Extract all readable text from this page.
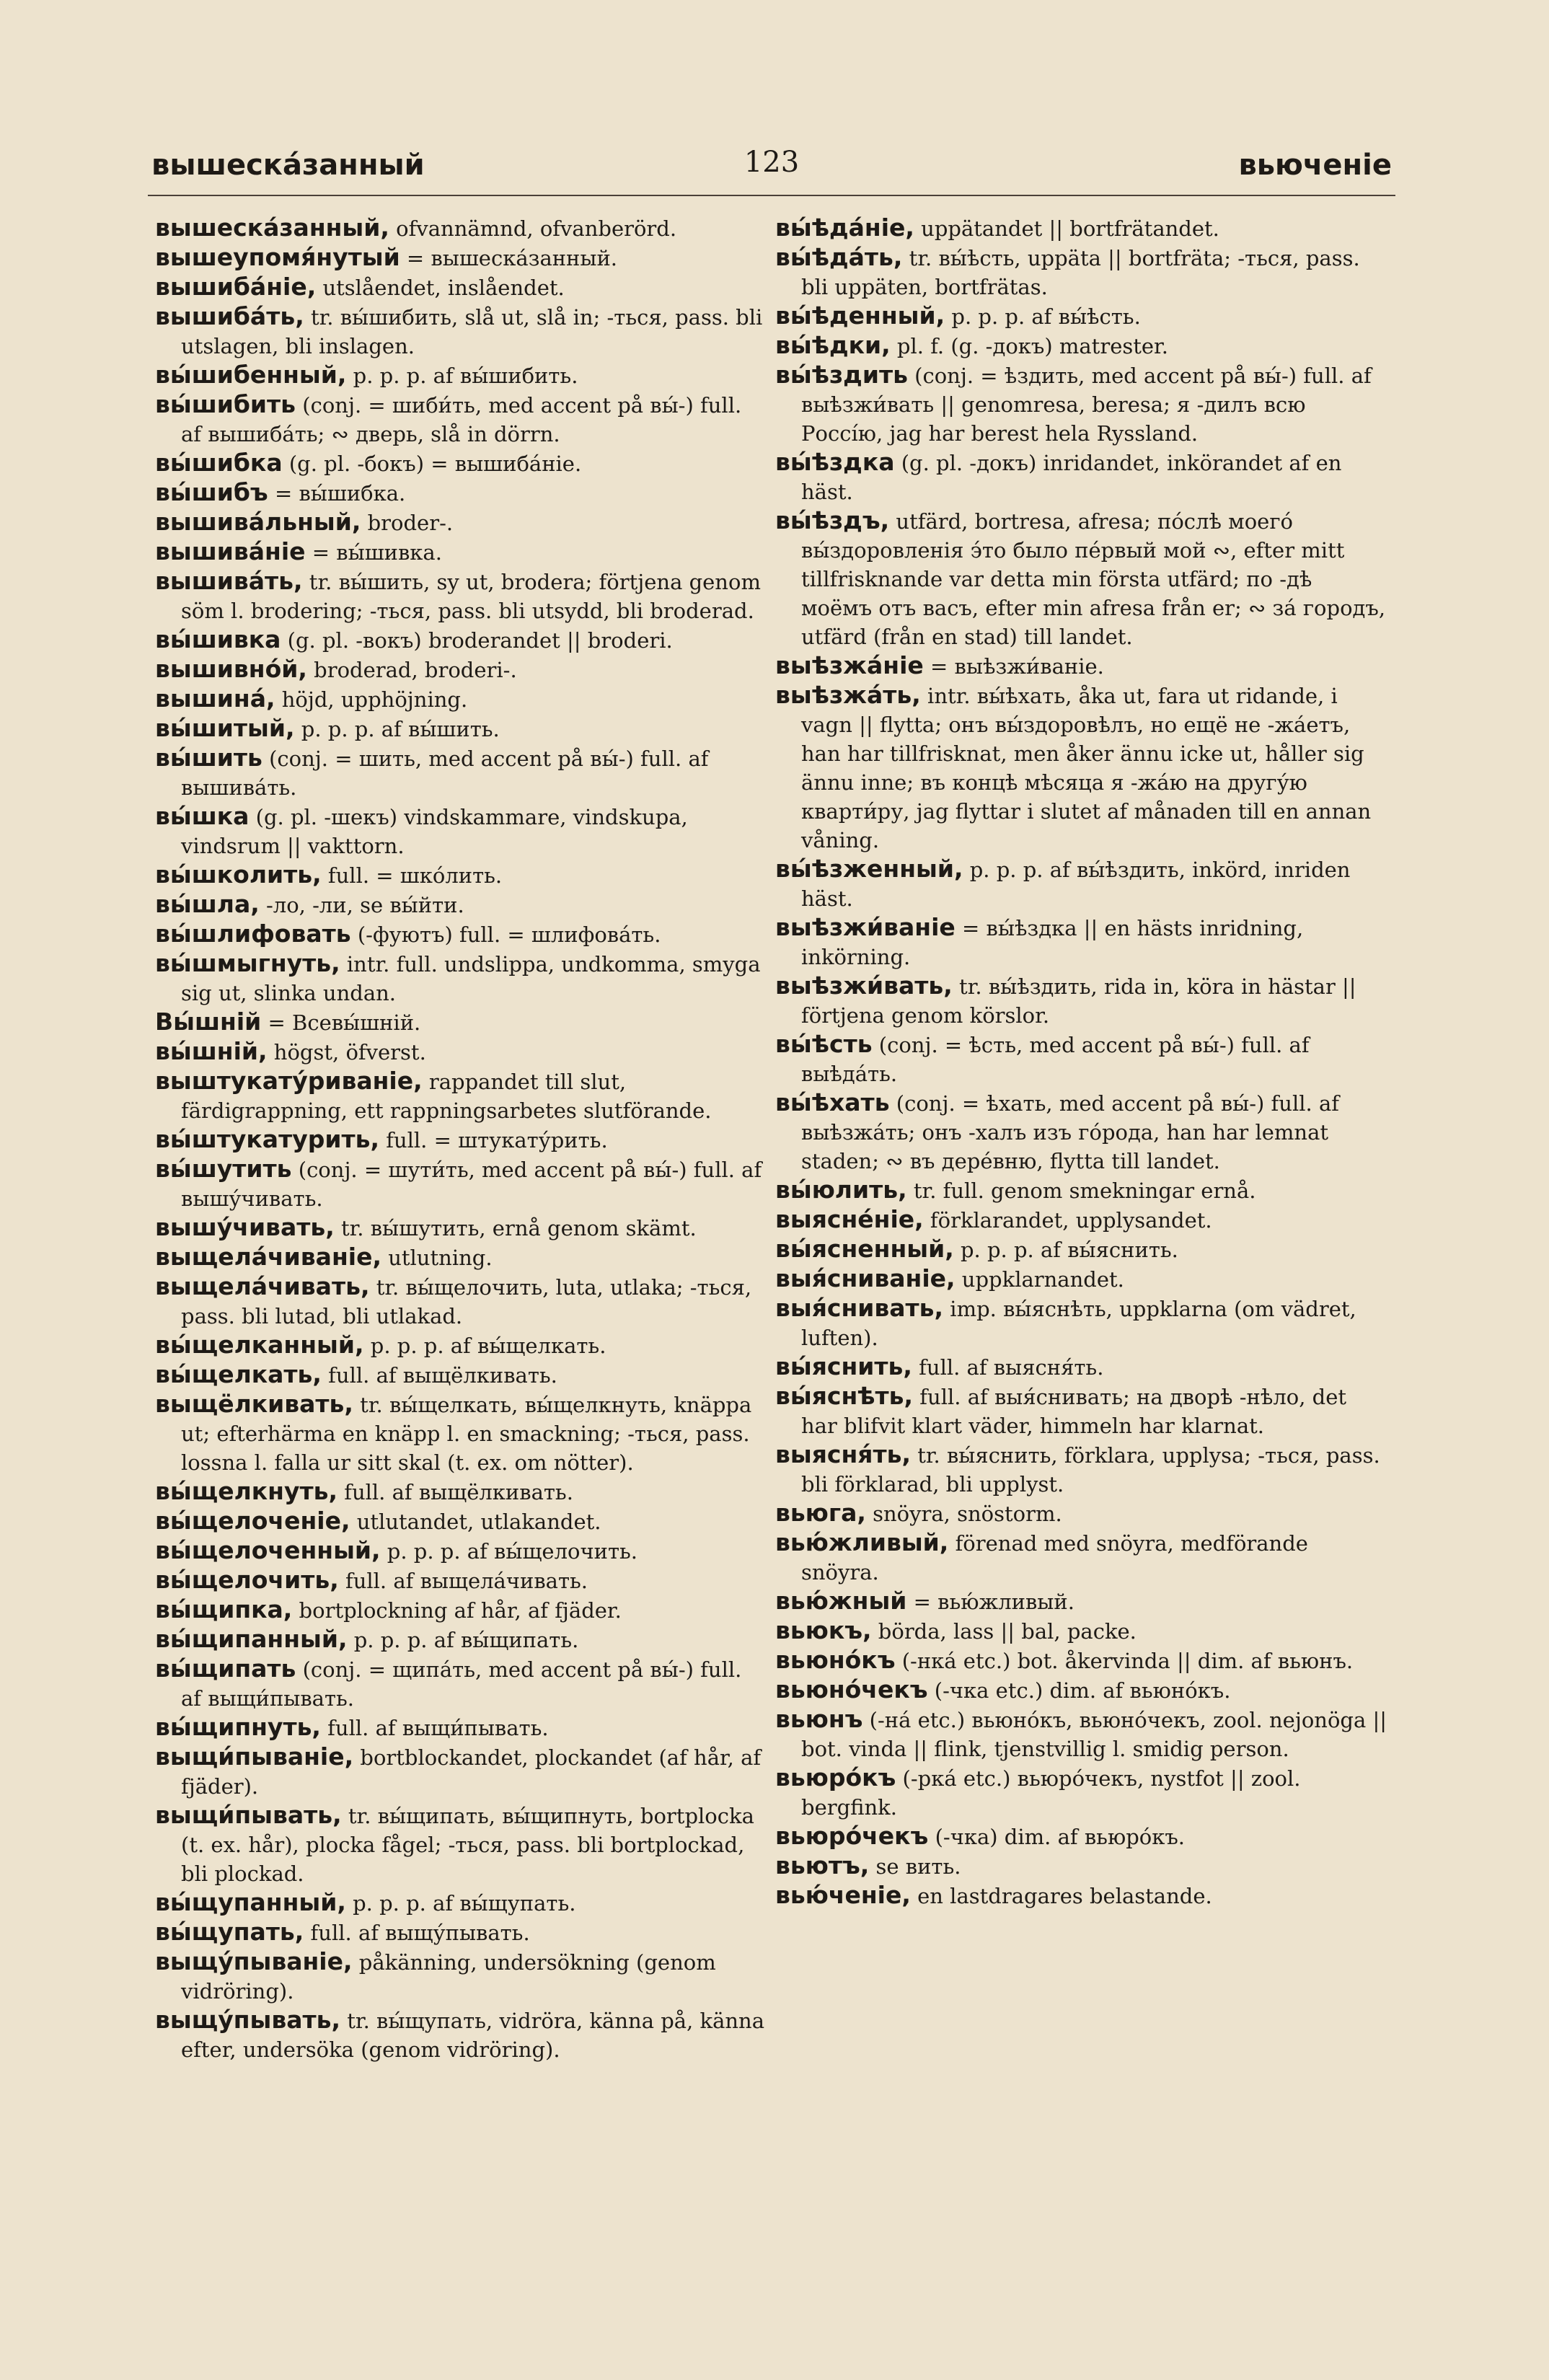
вышеска́занный	123	вьюченіе

вышеска́занный, ofvannämnd, ofvanberörd.

вышеупомя́нутый = вышеска́занный.

вышиба́ніе, utslåendet, inslåendet.

вышиба́ть, tr. вы́шибить, slå ut, slå in; -ться, pass. bli utslagen, bli inslagen.

вы́шибенный, p. p. p. af вы́шибить.

вы́шибить (conj. = шиби́ть, med accent på вы́-) full. af вышиба́ть; ∾ дверь, slå in dörrn.

вы́шибка (g. pl. -бокъ) = вышиба́ніе.

вы́шибъ = вы́шибка.

вышива́льный, broder-.

вышива́ніе = вы́шивка.

вышива́ть, tr. вы́шить, sy ut, brodera; förtjena genom söm l. brodering; -ться, pass. bli utsydd, bli broderad.

вы́шивка (g. pl. -вокъ) broderandet || broderi.

вышивно́й, broderad, broderi-.

вышина́, höjd, upphöjning.

вы́шитый, p. p. p. af вы́шить.

вы́шить (conj. = шить, med accent på вы́-) full. af вышива́ть.

вы́шка (g. pl. -шекъ) vindskammare, vindskupa, vindsrum || vakttorn.

вы́школить, full. = шко́лить.

вы́шла, -ло, -ли, se вы́йти.

вы́шлифовать (-фуютъ) full. = шлифова́ть.

вы́шмыгнуть, intr. full. undslippa, undkomma, smyga sig ut, slinka undan.

Вы́шній = Всевы́шній.

вы́шній, högst, öfverst.

выштукату́риваніе, rappandet till slut, färdigrappning, ett rappningsarbetes slutförande.

вы́штукатурить, full. = штукату́рить.

вы́шутить (conj. = шути́ть, med accent på вы́-) full. af вышу́чивать.

вышу́чивать, tr. вы́шутить, ernå genom skämt.

выщела́чиваніе, utlutning.

выщела́чивать, tr. вы́щелочить, luta, utlaka; -ться, pass. bli lutad, bli utlakad.

вы́щелканный, p. p. p. af вы́щелкать.

вы́щелкать, full. af выщёлкивать.

выщёлкивать, tr. вы́щелкать, вы́щелкнуть, knäppa ut; efterhärma en knäpp l. en smackning; -ться, pass. lossna l. falla ur sitt skal (t. ex. om nötter).

вы́щелкнуть, full. af выщёлкивать.

вы́щелоченіе, utlutandet, utlakandet.

вы́щелоченный, p. p. p. af вы́щелочить.

вы́щелочить, full. af выщела́чивать.

вы́щипка, bortplockning af hår, af fjäder.

вы́щипанный, p. p. p. af вы́щипать.

вы́щипать (conj. = щипа́ть, med accent på вы́-) full. af выщи́пывать.

вы́щипнуть, full. af выщи́пывать.

выщи́пываніе, bortblockandet, plockandet (af hår, af fjäder).

выщи́пывать, tr. вы́щипать, вы́щипнуть, bortplocka (t. ex. hår), plocka fågel; -ться, pass. bli bortplockad, bli plockad.

вы́щупанный, p. p. p. af вы́щупать.

вы́щупать, full. af выщу́пывать.

выщу́пываніе, påkänning, undersökning (genom vidröring).

выщу́пывать, tr. вы́щупать, vidröra, känna på, känna efter, undersöka (genom vidröring).

вы́ѣда́ніе, uppätandet || bortfrätandet.

вы́ѣда́ть, tr. вы́ѣсть, uppäta || bortfräta; -ться, pass. bli uppäten, bortfrätas.

вы́ѣденный, p. p. p. af вы́ѣсть.

вы́ѣдки, pl. f. (g. -докъ) matrester.

вы́ѣздить (conj. = ѣздить, med accent på вы́-) full. af выѣзжи́вать || genomresa, beresa; я -дилъ всю Россі́ю, jag har berest hela Ryssland.

вы́ѣздка (g. pl. -докъ) inridandet, inkörandet af en häst.

вы́ѣздъ, utfärd, bortresa, afresa; по́слѣ моего́ вы́здоровленія э́то было пе́рвый мой ∾, efter mitt tillfrisknande var detta min första utfärd; по -дѣ моёмъ отъ васъ, efter min afresa från er; ∾ за́ городъ, utfärd (från en stad) till landet.

выѣзжа́ніе = выѣзжи́ваніе.

выѣзжа́ть, intr. вы́ѣхать, åka ut, fara ut ridande, i vagn || flytta; онъ вы́здоровѣлъ, но ещё не -жа́етъ, han har tillfrisknat, men åker ännu icke ut, håller sig ännu inne; въ концѣ мѣсяца я -жа́ю на другу́ю кварти́ру, jag flyttar i slutet af månaden till en annan våning.

вы́ѣзженный, p. p. p. af вы́ѣздить, inkörd, inriden häst.

выѣзжи́ваніе = вы́ѣздка || en hästs inridning, inkörning.

выѣзжи́вать, tr. вы́ѣздить, rida in, köra in hästar || förtjena genom körslor.

вы́ѣсть (conj. = ѣсть, med accent på вы́-) full. af выѣда́ть.

вы́ѣхать (conj. = ѣхать, med accent på вы́-) full. af выѣзжа́ть; онъ -халъ изъ го́рода, han har lemnat staden; ∾ въ дере́вню, flytta till landet.

вы́юлить, tr. full. genom smekningar ernå.

выясне́ніе, förklarandet, upplysandet.

вы́ясненный, p. p. p. af вы́яснить.

выя́сниваніе, uppklarnandet.

выя́снивать, imp. вы́яснѣть, uppklarna (om vädret, luften).

вы́яснить, full. af выясня́ть.

вы́яснѣть, full. af выя́снивать; на дворѣ -нѣло, det har blifvit klart väder, himmeln har klarnat.

выясня́ть, tr. вы́яснить, förklara, upplysa; -ться, pass. bli förklarad, bli upplyst.

вьюга, snöyra, snöstorm.

вью́жливый, förenad med snöyra, medförande snöyra.

вью́жный = вью́жливый.

вьюкъ, börda, lass || bal, packe.

вьюно́къ (-нка́ etc.) bot. åkervinda || dim. af вьюнъ.

вьюно́чекъ (-чка etc.) dim. af вьюно́къ.

вьюнъ (-на́ etc.) вьюно́къ, вьюно́чекъ, zool. nejonöga || bot. vinda || flink, tjenstvillig l. smidig person.

вьюро́къ (-рка́ etc.) вьюро́чекъ, nystfot || zool. bergfink.

вьюро́чекъ (-чка) dim. af вьюро́къ.

вьютъ, se вить.

вью́ченіе, en lastdragares belastande.
